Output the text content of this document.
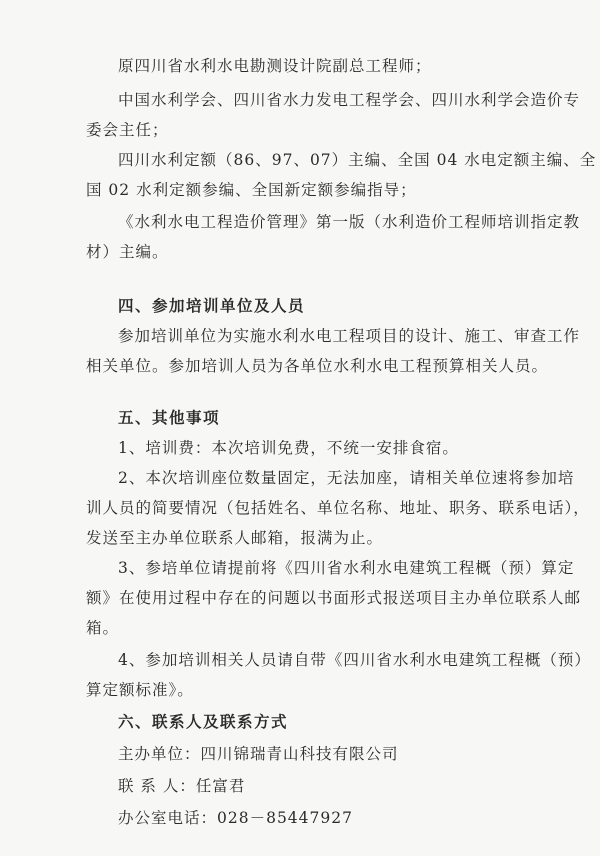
原四川省水利水电勘测设计院副总工程师；
中国水利学会、四川省水力发电工程学会、四川水利学会造价专
委会主任；
四川水利定额（86、97、07）主编、全国 04 水电定额主编、全
国 02 水利定额参编、全国新定额参编指导；
《水利水电工程造价管理》第一版（水利造价工程师培训指定教
材）主编。
四、参加培训单位及人员
参加培训单位为实施水利水电工程项目的设计、施工、审查工作
相关单位。参加培训人员为各单位水利水电工程预算相关人员。
五、其他事项
1、培训费：本次培训免费，不统一安排食宿。
2、本次培训座位数量固定，无法加座，请相关单位速将参加培
训人员的简要情况（包括姓名、单位名称、地址、职务、联系电话），
发送至主办单位联系人邮箱，报满为止。
3、参培单位请提前将《四川省水利水电建筑工程概（预）算定
额》在使用过程中存在的问题以书面形式报送项目主办单位联系人邮
箱。
4、参加培训相关人员请自带《四川省水利水电建筑工程概（预）
算定额标准》。
六、联系人及联系方式
主办单位：四川锦瑞青山科技有限公司
联 系 人：任富君
办公室电话：028－85447927
